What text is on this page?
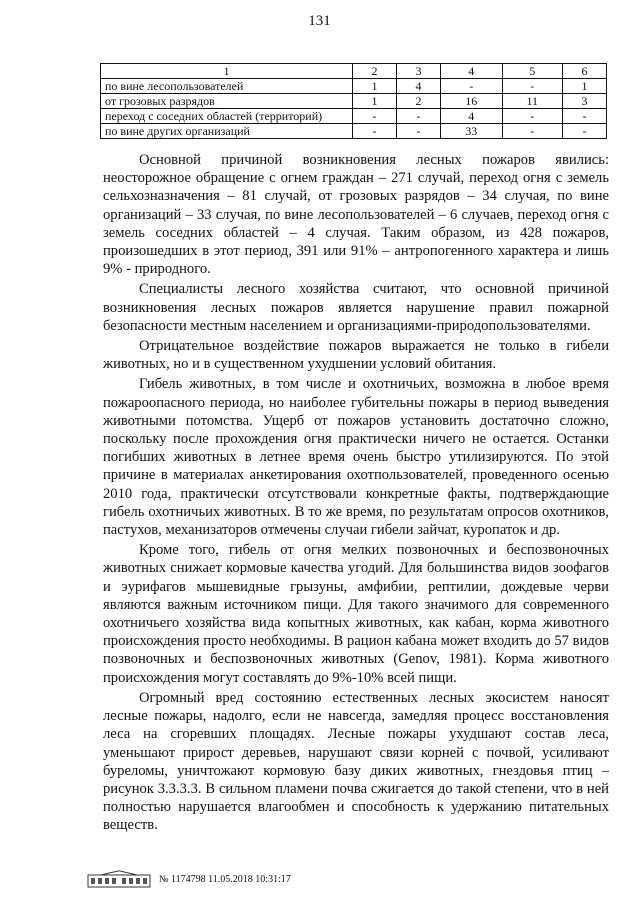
131
1	2	3	4	5	6
по вине лесопользователей	1	4	-	-	1
от грозовых разрядов	1	2	16	11	3
переход с соседних областей (территорий)	-	-	4	-	-
по вине других организаций	-	-	33	-	-

Основной причиной возникновения лесных пожаров явились: неосторожное обращение с огнем граждан – 271 случай, переход огня с земель сельхозназначения – 81 случай, от грозовых разрядов – 34 случая, по вине организаций – 33 случая, по вине лесопользователей – 6 случаев, переход огня с земель соседних областей – 4 случая. Таким образом, из 428 пожаров, произошедших в этот период, 391 или 91% – антропогенного характера и лишь 9% - природного.

Специалисты лесного хозяйства считают, что основной причиной возникновения лесных пожаров является нарушение правил пожарной безопасности местным населением и организациями-природопользователями.

Отрицательное воздействие пожаров выражается не только в гибели животных, но и в существенном ухудшении условий обитания.

Гибель животных, в том числе и охотничьих, возможна в любое время пожароопасного периода, но наиболее губительны пожары в период выведения животными потомства. Ущерб от пожаров установить достаточно сложно, поскольку после прохождения огня практически ничего не остается. Останки погибших животных в летнее время очень быстро утилизируются. По этой причине в материалах анкетирования охотпользователей, проведенного осенью 2010 года, практически отсутствовали конкретные факты, подтверждающие гибель охотничьих животных. В то же время, по результатам опросов охотников, пастухов, механизаторов отмечены случаи гибели зайчат, куропаток и др.

Кроме того, гибель от огня мелких позвоночных и беспозвоночных животных снижает кормовые качества угодий. Для большинства видов зоофагов и эурифагов мышевидные грызуны, амфибии, рептилии, дождевые черви являются важным источником пищи. Для такого значимого для современного охотничьего хозяйства вида копытных животных, как кабан, корма животного происхождения просто необходимы. В рацион кабана может входить до 57 видов позвоночных и беспозвоночных животных (Genov, 1981). Корма животного происхождения могут составлять до 9%-10% всей пищи.

Огромный вред состоянию естественных лесных экосистем наносят лесные пожары, надолго, если не навсегда, замедляя процесс восстановления леса на сгоревших площадях. Лесные пожары ухудшают состав леса, уменьшают прирост деревьев, нарушают связи корней с почвой, усиливают буреломы, уничтожают кормовую базу диких животных, гнездовья птиц – рисунок 3.3.3.3. В сильном пламени почва сжигается до такой степени, что в ней полностью нарушается влагообмен и способность к удержанию питательных веществ.

№ 1174798 11.05.2018 10:31:17
